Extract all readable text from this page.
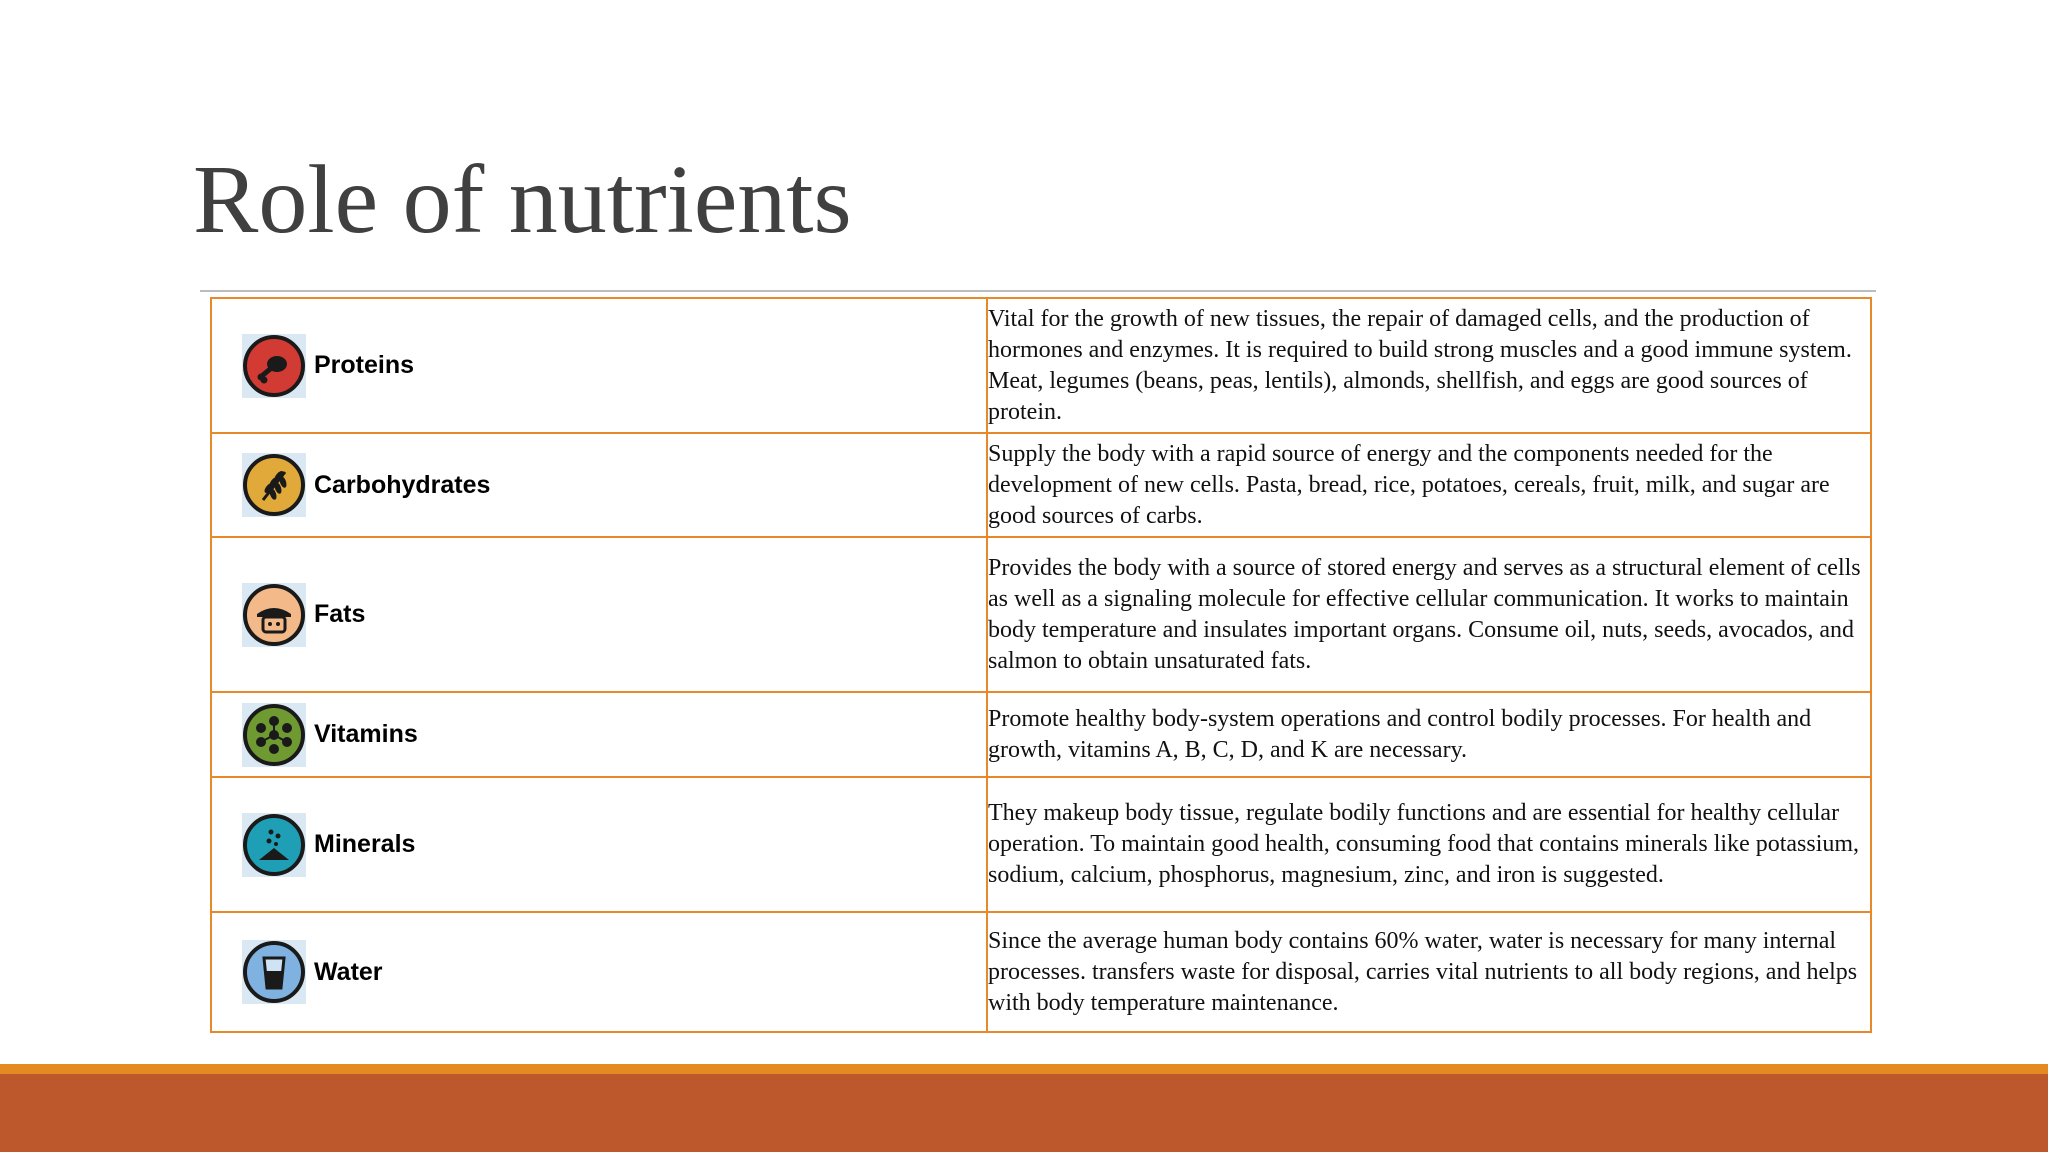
Role of nutrients
Proteins	Vital for the growth of new tissues, the repair of damaged cells, and the production of hormones and enzymes. It is required to build strong muscles and a good immune system. Meat, legumes (beans, peas, lentils), almonds, shellfish, and eggs are good sources of protein.

Carbohydrates	Supply the body with a rapid source of energy and the components needed for the development of new cells. Pasta, bread, rice, potatoes, cereals, fruit, milk, and sugar are good sources of carbs.

Fats	Provides the body with a source of stored energy and serves as a structural element of cells as well as a signaling molecule for effective cellular communication. It works to maintain body temperature and insulates important organs. Consume oil, nuts, seeds, avocados, and salmon to obtain unsaturated fats.

Vitamins	Promote healthy body-system operations and control bodily processes. For health and growth, vitamins A, B, C, D, and K are necessary.

Minerals	They makeup body tissue, regulate bodily functions and are essential for healthy cellular operation. To maintain good health, consuming food that contains minerals like potassium, sodium, calcium, phosphorus, magnesium, zinc, and iron is suggested.

Water	Since the average human body contains 60% water, water is necessary for many internal processes. transfers waste for disposal, carries vital nutrients to all body regions, and helps with body temperature maintenance.
